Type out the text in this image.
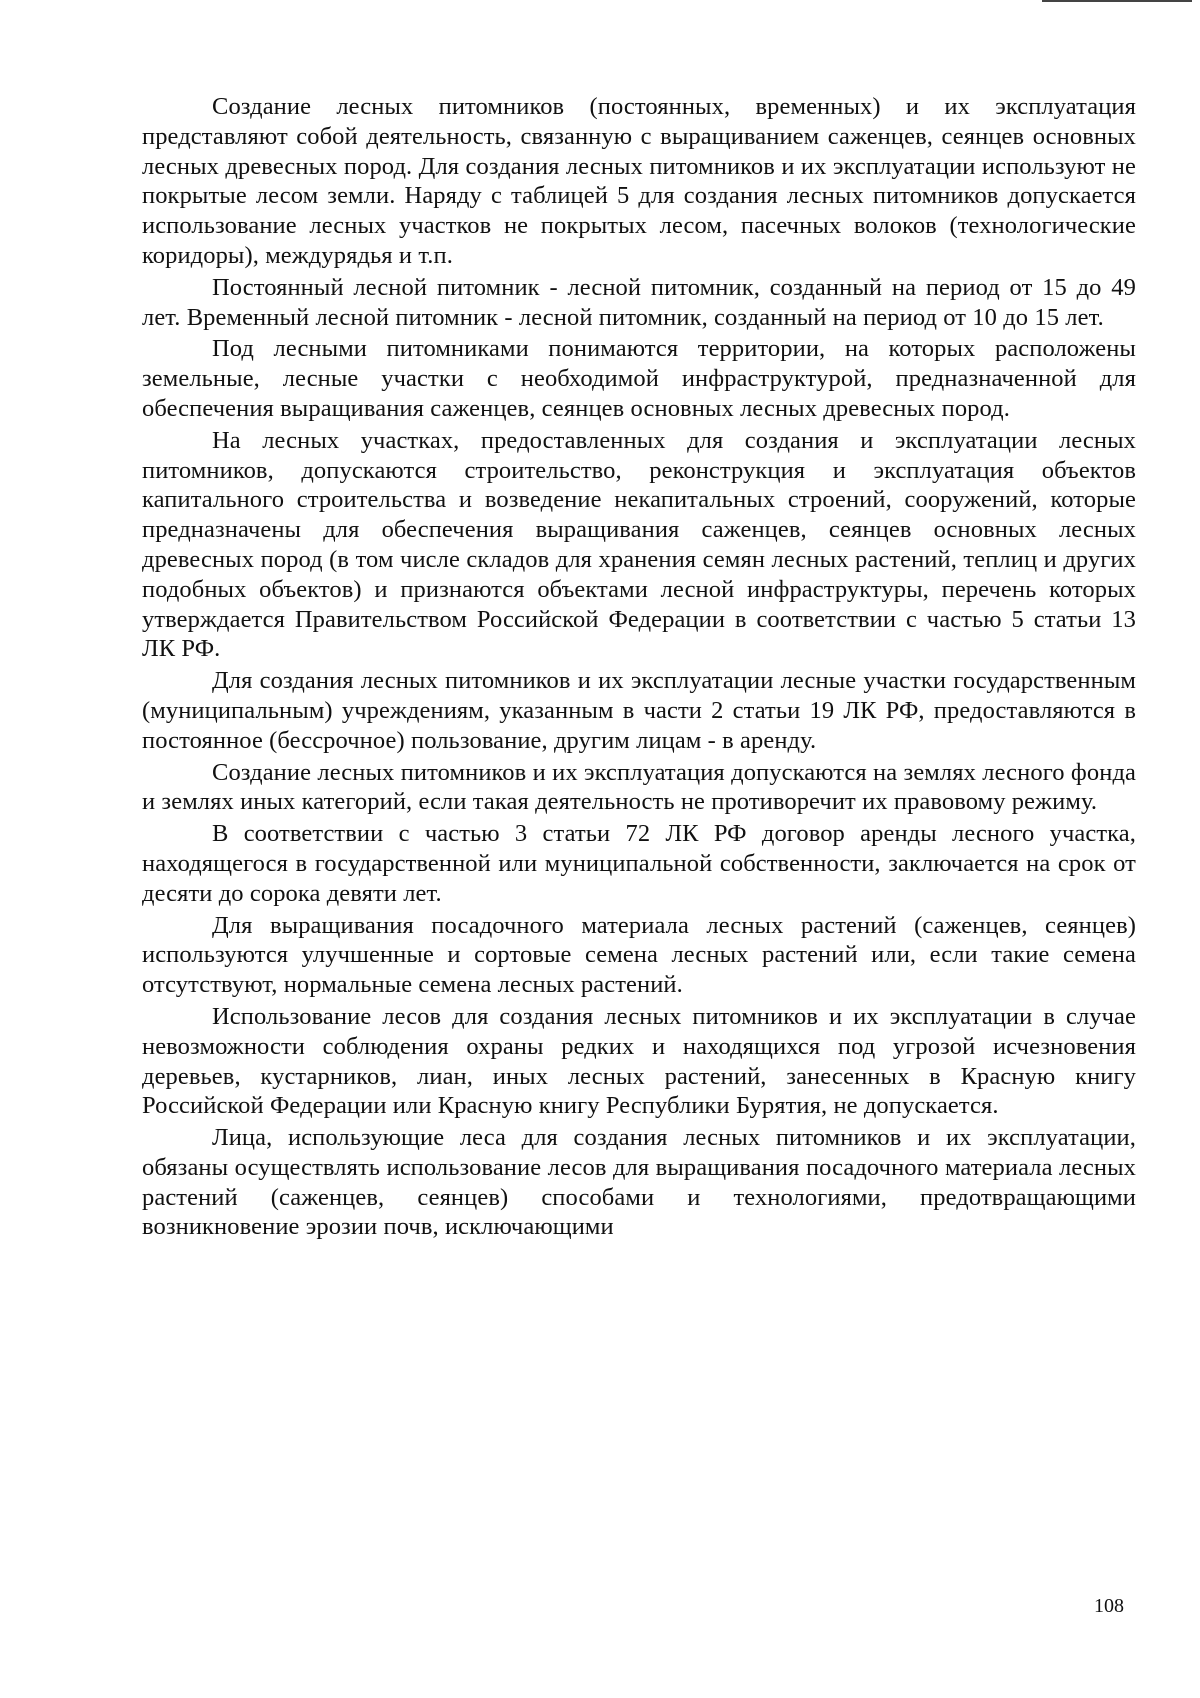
Создание лесных питомников (постоянных, временных) и их эксплуатация представляют собой деятельность, связанную с выращиванием саженцев, сеянцев основных лесных древесных пород. Для создания лесных питомников и их эксплуатации используют не покрытые лесом земли. Наряду с таблицей 5 для создания лесных питомников допускается использование лесных участков не покрытых лесом, пасечных волоков (технологические коридоры), междурядья и т.п.

Постоянный лесной питомник - лесной питомник, созданный на период от 15 до 49 лет. Временный лесной питомник - лесной питомник, созданный на период от 10 до 15 лет.

Под лесными питомниками понимаются территории, на которых расположены земельные, лесные участки с необходимой инфраструктурой, предназначенной для обеспечения выращивания саженцев, сеянцев основных лесных древесных пород.

На лесных участках, предоставленных для создания и эксплуатации лесных питомников, допускаются строительство, реконструкция и эксплуатация объектов капитального строительства и возведение некапитальных строений, сооружений, которые предназначены для обеспечения выращивания саженцев, сеянцев основных лесных древесных пород (в том числе складов для хранения семян лесных растений, теплиц и других подобных объектов) и признаются объектами лесной инфраструктуры, перечень которых утверждается Правительством Российской Федерации в соответствии с частью 5 статьи 13 ЛК РФ.

Для создания лесных питомников и их эксплуатации лесные участки государственным (муниципальным) учреждениям, указанным в части 2 статьи 19 ЛК РФ, предоставляются в постоянное (бессрочное) пользование, другим лицам - в аренду.

Создание лесных питомников и их эксплуатация допускаются на землях лесного фонда и землях иных категорий, если такая деятельность не противоречит их правовому режиму.

В соответствии с частью 3 статьи 72 ЛК РФ договор аренды лесного участка, находящегося в государственной или муниципальной собственности, заключается на срок от десяти до сорока девяти лет.

Для выращивания посадочного материала лесных растений (саженцев, сеянцев) используются улучшенные и сортовые семена лесных растений или, если такие семена отсутствуют, нормальные семена лесных растений.

Использование лесов для создания лесных питомников и их эксплуатации в случае невозможности соблюдения охраны редких и находящихся под угрозой исчезновения деревьев, кустарников, лиан, иных лесных растений, занесенных в Красную книгу Российской Федерации или Красную книгу Республики Бурятия, не допускается.

Лица, использующие леса для создания лесных питомников и их эксплуатации, обязаны осуществлять использование лесов для выращивания посадочного материала лесных растений (саженцев, сеянцев) способами и технологиями, предотвращающими возникновение эрозии почв, исключающими

108
